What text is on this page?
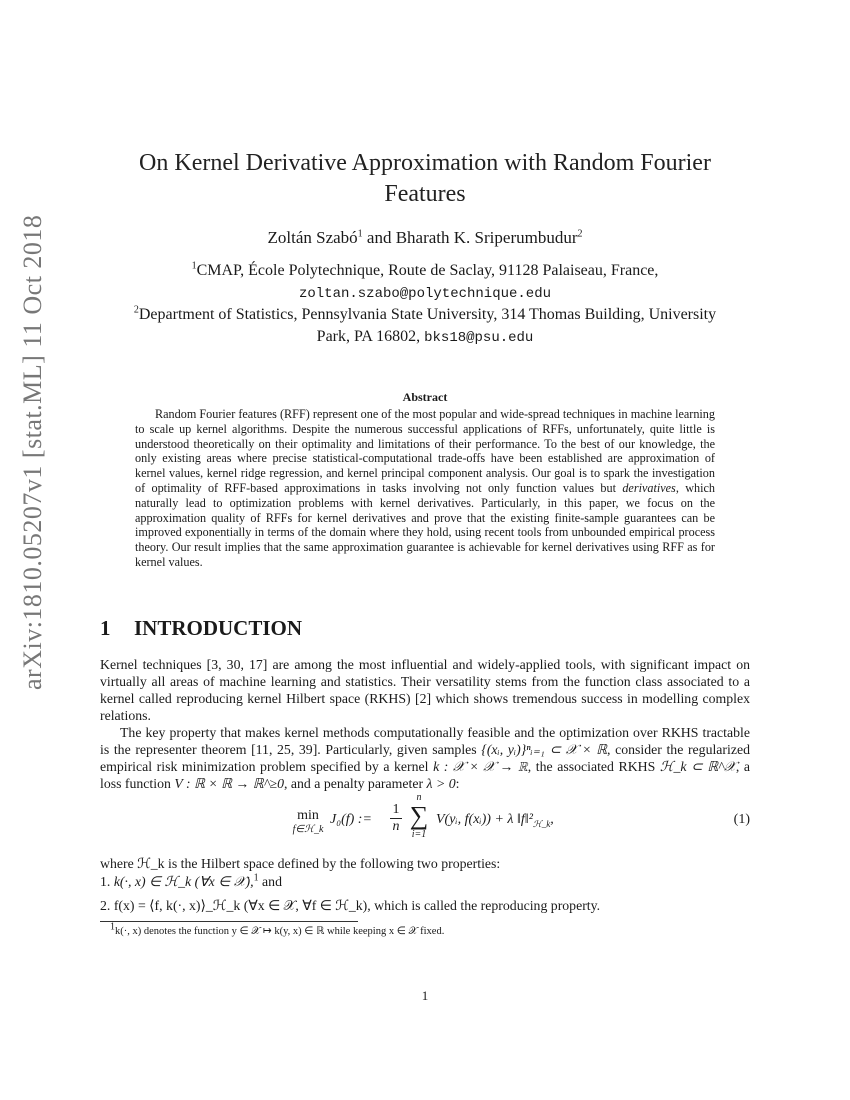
arXiv:1810.05207v1 [stat.ML] 11 Oct 2018
On Kernel Derivative Approximation with Random Fourier
Features
Zoltán Szabó$^1$ and Bharath K. Sriperumbudur$^2$
$^1$CMAP, École Polytechnique, Route de Saclay, 91128 Palaiseau, France,
zoltan.szabo@polytechnique.edu
$^2$Department of Statistics, Pennsylvania State University, 314 Thomas Building, University
Park, PA 16802, bks18@psu.edu
Abstract

Random Fourier features (RFF) represent one of the most popular and wide-spread techniques in machine learning to scale up kernel algorithms. Despite the numerous successful applications of RFFs, unfortunately, quite little is understood theoretically on their optimality and limitations of their performance. To the best of our knowledge, the only existing areas where precise statistical-computational trade-offs have been established are approximation of kernel values, kernel ridge regression, and kernel principal component analysis. Our goal is to spark the investigation of optimality of RFF-based approximations in tasks involving not only function values but derivatives, which naturally lead to optimization problems with kernel derivatives. Particularly, in this paper, we focus on the approximation quality of RFFs for kernel derivatives and prove that the existing finite-sample guarantees can be improved exponentially in terms of the domain where they hold, using recent tools from unbounded empirical process theory. Our result implies that the same approximation guarantee is achievable for kernel derivatives using RFF as for kernel values.

1 INTRODUCTION

Kernel techniques [3, 30, 17] are among the most influential and widely-applied tools, with significant impact on virtually all areas of machine learning and statistics. Their versatility stems from the function class associated to a kernel called reproducing kernel Hilbert space (RKHS) [2] which shows tremendous success in modelling complex relations.

The key property that makes kernel methods computationally feasible and the optimization over RKHS tractable is the representer theorem [11, 25, 39]. Particularly, given samples {(xᵢ, yᵢ)}ⁿᵢ₌₁ ⊂ 𝒳 × ℝ, consider the regularized empirical risk minimization problem specified by a kernel k : 𝒳 × 𝒳 → ℝ, the associated RKHS ℋ_k ⊂ ℝ^𝒳, a loss function V : ℝ × ℝ → ℝ^≥0, and a penalty parameter λ > 0:

min
f∈ℋ_k
J₀(f) := $\frac{1}{n}$
n
∑
i=1
V(yᵢ, f(xᵢ)) + λ $‖f‖^2_{ℋ\_k}$,	(1)
where ℋ_k is the Hilbert space defined by the following two properties:
1. k(·, x) ∈ ℋ_k (∀x ∈ 𝒳),$^1$ and
2. f(x) = ⟨f, k(·, x)⟩_ℋ_k (∀x ∈ 𝒳, ∀f ∈ ℋ_k), which is called the reproducing property.
$^1$k(·, x) denotes the function y ∈ 𝒳 ↦ k(y, x) ∈ ℝ while keeping x ∈ 𝒳 fixed.
1
